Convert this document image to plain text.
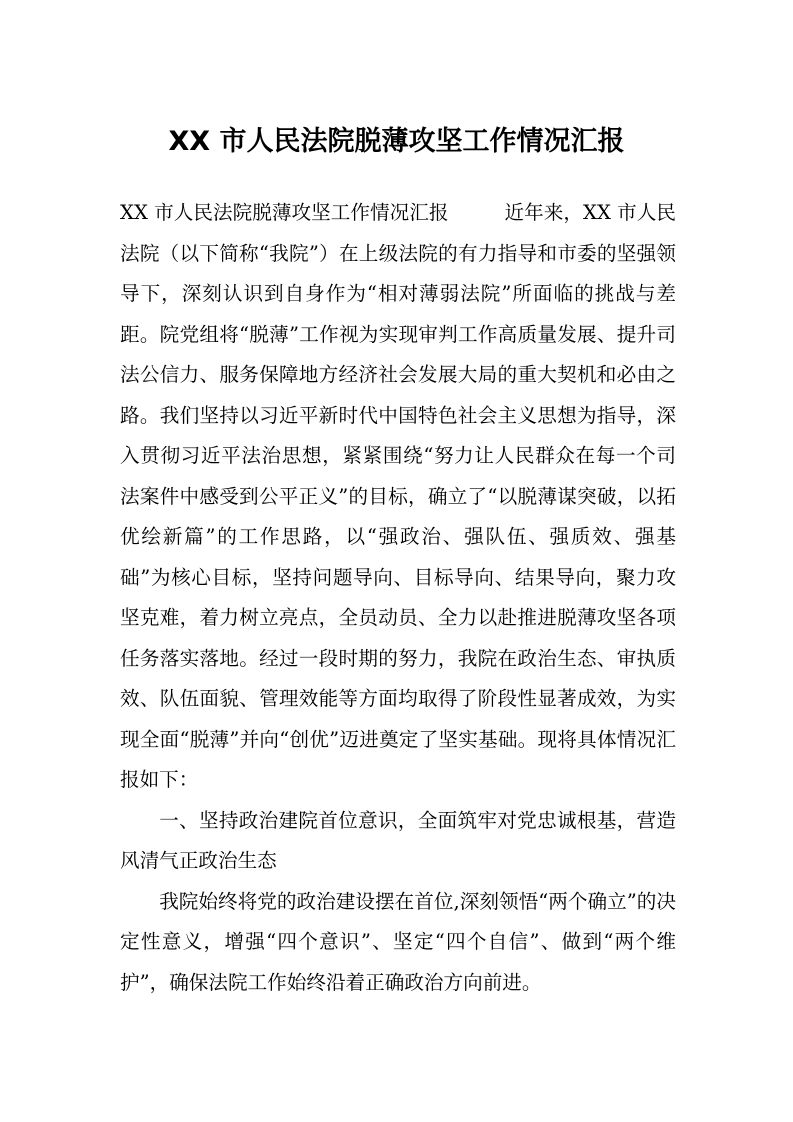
XX 市人民法院脱薄攻坚工作情况汇报

XX 市人民法院脱薄攻坚工作情况汇报	近年来，XX 市人民法院（以下简称“我院”）在上级法院的有力指导和市委的坚强领导下，深刻认识到自身作为“相对薄弱法院”所面临的挑战与差距。院党组将“脱薄”工作视为实现审判工作高质量发展、提升司法公信力、服务保障地方经济社会发展大局的重大契机和必由之路。我们坚持以习近平新时代中国特色社会主义思想为指导，深入贯彻习近平法治思想，紧紧围绕“努力让人民群众在每一个司法案件中感受到公平正义”的目标，确立了“以脱薄谋突破，以拓优绘新篇”的工作思路，以“强政治、强队伍、强质效、强基础”为核心目标，坚持问题导向、目标导向、结果导向，聚力攻坚克难，着力树立亮点，全员动员、全力以赴推进脱薄攻坚各项任务落实落地。经过一段时期的努力，我院在政治生态、审执质效、队伍面貌、管理效能等方面均取得了阶段性显著成效，为实现全面“脱薄”并向“创优”迈进奠定了坚实基础。现将具体情况汇报如下：

一、坚持政治建院首位意识，全面筑牢对党忠诚根基，营造风清气正政治生态

我院始终将党的政治建设摆在首位,深刻领悟“两个确立”的决定性意义，增强“四个意识”、坚定“四个自信”、做到“两个维护”，确保法院工作始终沿着正确政治方向前进。
